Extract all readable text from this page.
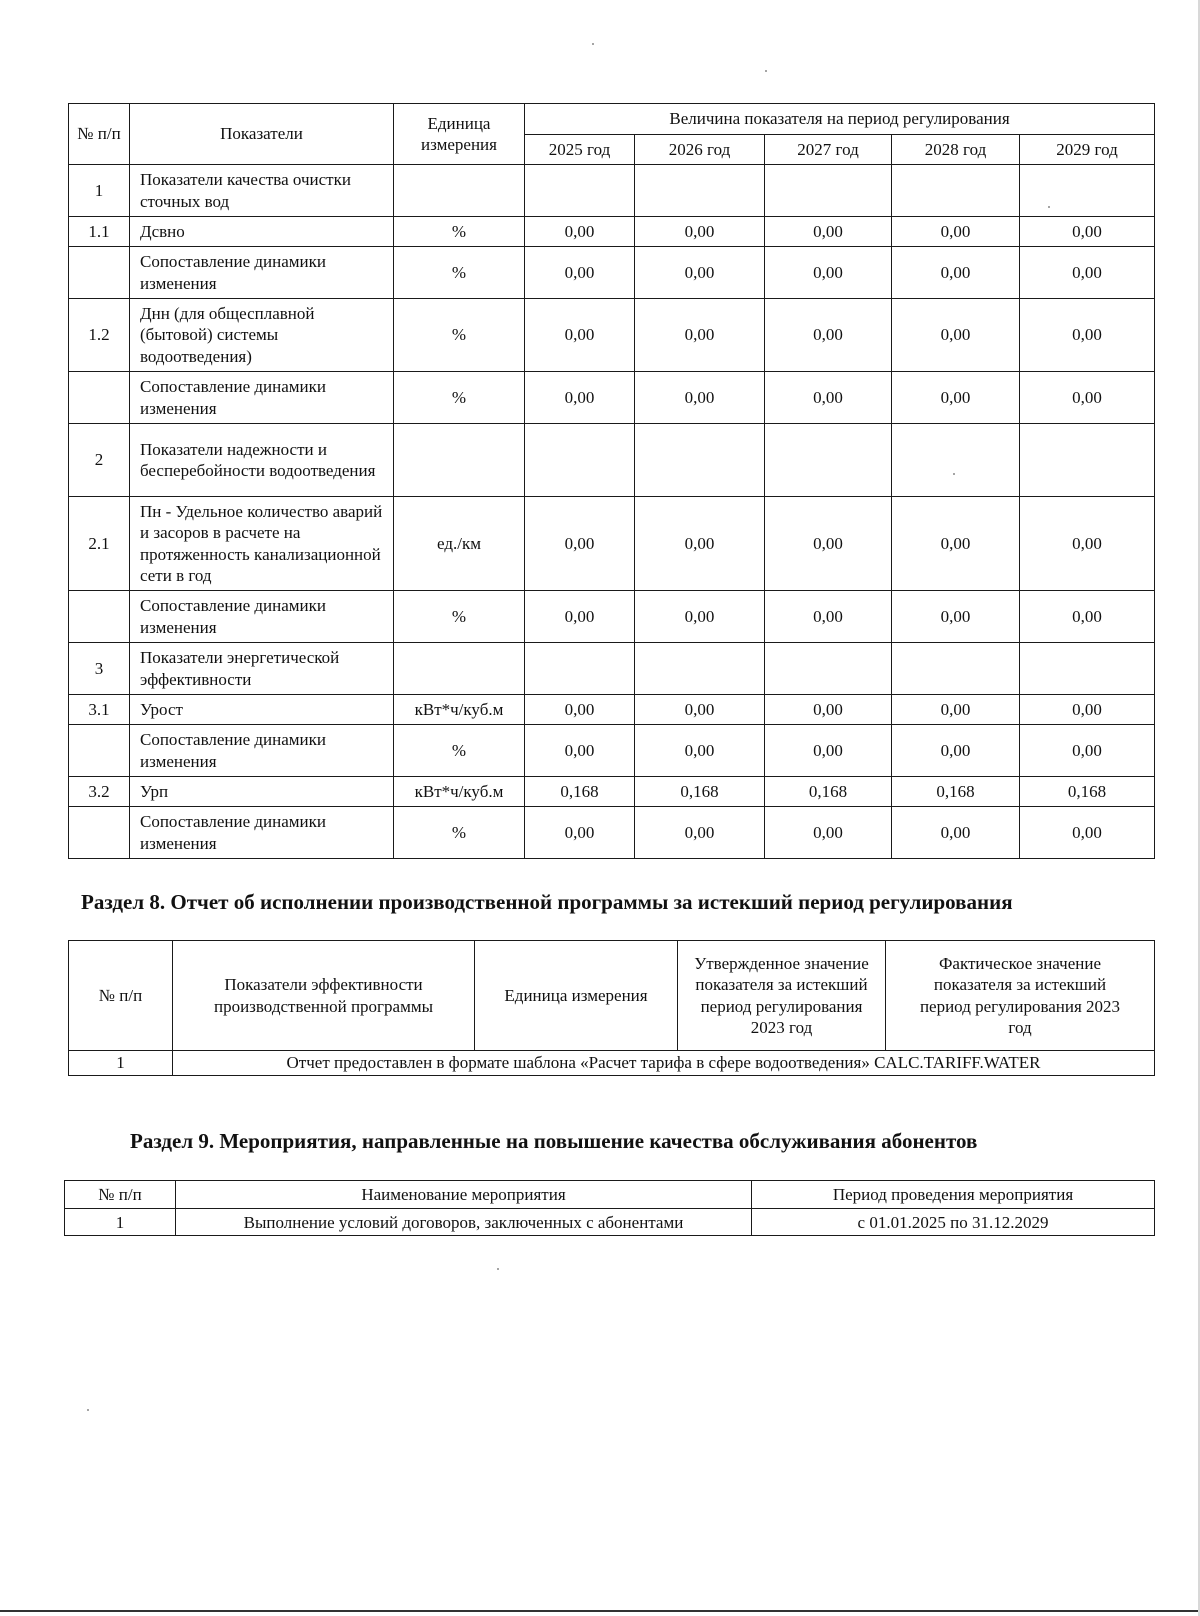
№ п/п	Показатели	Единица измерения	Величина показателя на период регулирования				
			2025 год	2026 год	2027 год	2028 год	2029 год
1	Показатели качества очистки сточных вод						
1.1	Дсвно	%	0,00	0,00	0,00	0,00	0,00
	Сопоставление динамики изменения	%	0,00	0,00	0,00	0,00	0,00
1.2	Днн (для общесплавной (бытовой) системы водоотведения)	%	0,00	0,00	0,00	0,00	0,00
	Сопоставление динамики изменения	%	0,00	0,00	0,00	0,00	0,00
2	Показатели надежности и бесперебойности водоотведения						
2.1	Пн - Удельное количество аварий и засоров в расчете на протяженность канализационной сети в год	ед./км	0,00	0,00	0,00	0,00	0,00
	Сопоставление динамики изменения	%	0,00	0,00	0,00	0,00	0,00
3	Показатели энергетической эффективности						
3.1	Урост	кВт*ч/куб.м	0,00	0,00	0,00	0,00	0,00
	Сопоставление динамики изменения	%	0,00	0,00	0,00	0,00	0,00
3.2	Урп	кВт*ч/куб.м	0,168	0,168	0,168	0,168	0,168
	Сопоставление динамики изменения	%	0,00	0,00	0,00	0,00	0,00
Раздел 8. Отчет об исполнении производственной программы за истекший период регулирования
№ п/п	Показатели эффективности производственной программы	Единица измерения	Утвержденное значение показателя за истекший период регулирования 2023 год	Фактическое значение показателя за истекший период регулирования 2023 год
1	Отчет предоставлен в формате шаблона «Расчет тарифа в сфере водоотведения» CALC.TARIFF.WATER			
Раздел 9. Мероприятия, направленные на повышение качества обслуживания абонентов
№ п/п	Наименование мероприятия	Период проведения мероприятия
1	Выполнение условий договоров, заключенных с абонентами	с 01.01.2025 по 31.12.2029
